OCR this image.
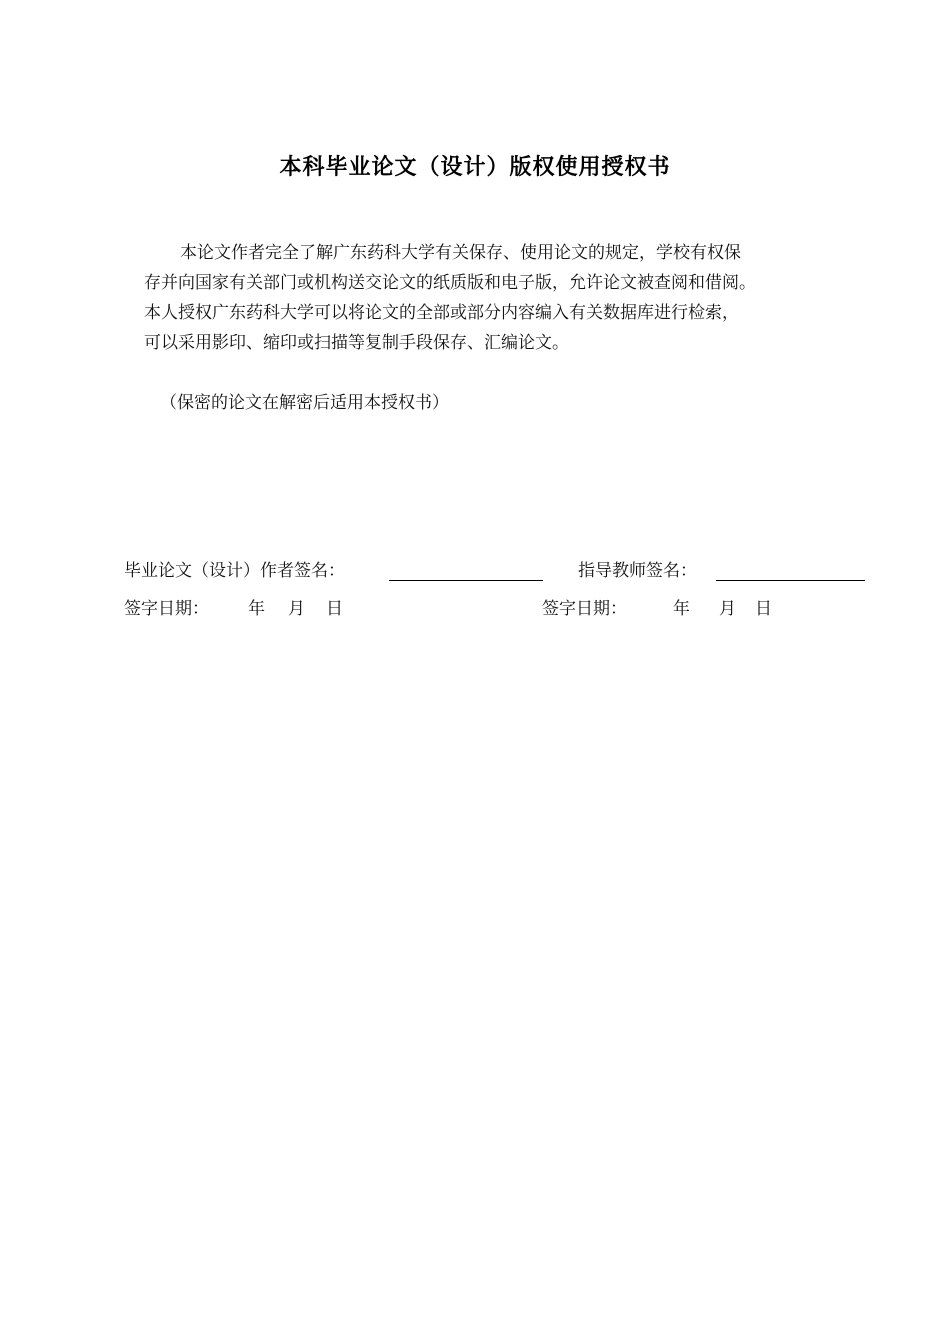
本科毕业论文（设计）版权使用授权书
本论文作者完全了解广东药科大学有关保存、使用论文的规定，学校有权保
存并向国家有关部门或机构送交论文的纸质版和电子版，允许论文被查阅和借阅。
本人授权广东药科大学可以将论文的全部或部分内容编入有关数据库进行检索，
可以采用影印、缩印或扫描等复制手段保存、汇编论文。
（保密的论文在解密后适用本授权书）
毕业论文（设计）作者签名：	指导教师签名：
签字日期： 年 月 日	签字日期：	年 月 日
